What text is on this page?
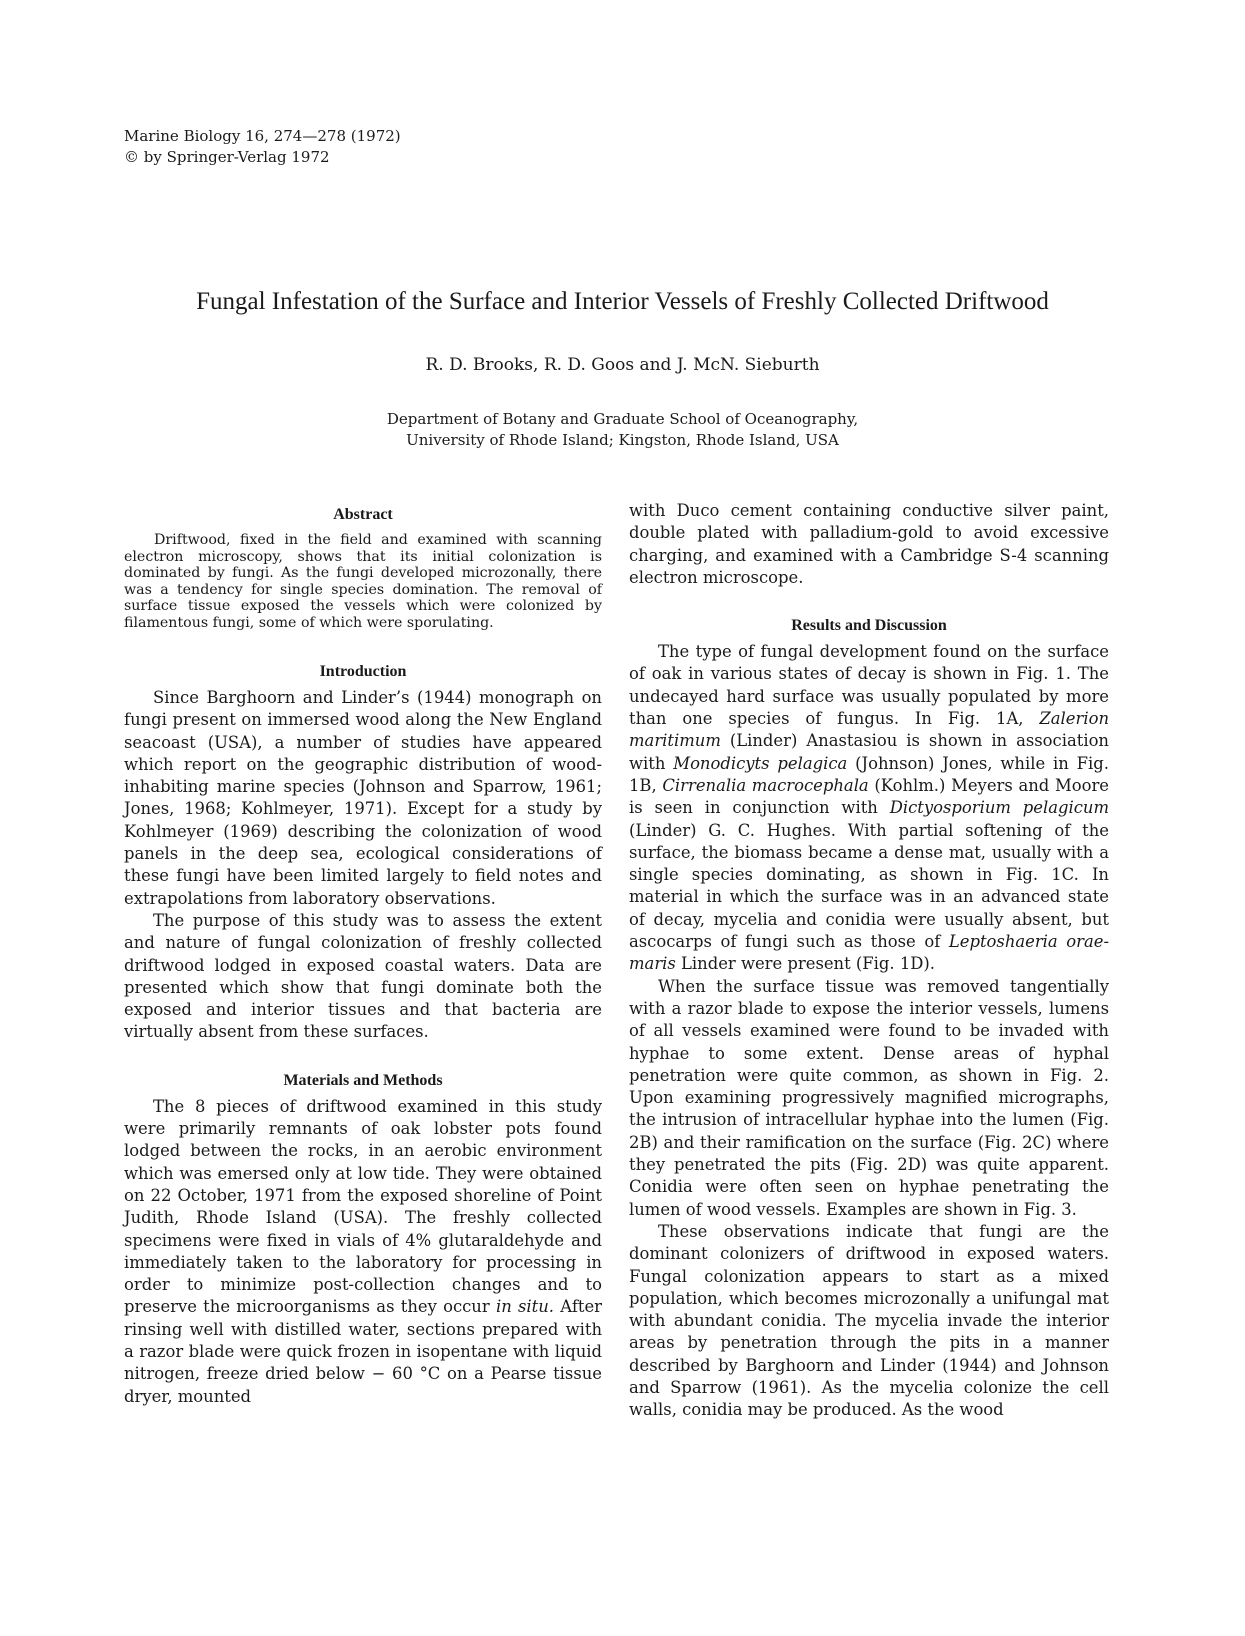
Marine Biology 16, 274—278 (1972)
© by Springer-Verlag 1972
Fungal Infestation of the Surface and Interior Vessels of Freshly Collected Driftwood
R. D. Brooks, R. D. Goos and J. McN. Sieburth
Department of Botany and Graduate School of Oceanography,
University of Rhode Island; Kingston, Rhode Island, USA
Abstract

Driftwood, fixed in the field and examined with scanning electron microscopy, shows that its initial colonization is dominated by fungi. As the fungi developed microzonally, there was a tendency for single species domination. The removal of surface tissue exposed the vessels which were colonized by filamentous fungi, some of which were sporulating.

Introduction

Since Barghoorn and Linder’s (1944) monograph on fungi present on immersed wood along the New England seacoast (USA), a number of studies have appeared which report on the geographic distribution of wood-inhabiting marine species (Johnson and Sparrow, 1961; Jones, 1968; Kohlmeyer, 1971). Except for a study by Kohlmeyer (1969) describing the colonization of wood panels in the deep sea, ecological considerations of these fungi have been limited largely to field notes and extrapolations from laboratory observations.

The purpose of this study was to assess the extent and nature of fungal colonization of freshly collected driftwood lodged in exposed coastal waters. Data are presented which show that fungi dominate both the exposed and interior tissues and that bacteria are virtually absent from these surfaces.

Materials and Methods

The 8 pieces of driftwood examined in this study were primarily remnants of oak lobster pots found lodged between the rocks, in an aerobic environment which was emersed only at low tide. They were obtained on 22 October, 1971 from the exposed shoreline of Point Judith, Rhode Island (USA). The freshly collected specimens were fixed in vials of 4% glutaraldehyde and immediately taken to the laboratory for processing in order to minimize post-collection changes and to preserve the microorganisms as they occur in situ. After rinsing well with distilled water, sections prepared with a razor blade were quick frozen in isopentane with liquid nitrogen, freeze dried below − 60 °C on a Pearse tissue dryer, mounted

with Duco cement containing conductive silver paint, double plated with palladium-gold to avoid excessive charging, and examined with a Cambridge S-4 scanning electron microscope.

Results and Discussion

The type of fungal development found on the surface of oak in various states of decay is shown in Fig. 1. The undecayed hard surface was usually populated by more than one species of fungus. In Fig. 1A, Zalerion maritimum (Linder) Anastasiou is shown in association with Monodicyts pelagica (Johnson) Jones, while in Fig. 1B, Cirrenalia macrocephala (Kohlm.) Meyers and Moore is seen in conjunction with Dictyosporium pelagicum (Linder) G. C. Hughes. With partial softening of the surface, the biomass became a dense mat, usually with a single species dominating, as shown in Fig. 1C. In material in which the surface was in an advanced state of decay, mycelia and conidia were usually absent, but ascocarps of fungi such as those of Leptoshaeria orae-maris Linder were present (Fig. 1D).

When the surface tissue was removed tangentially with a razor blade to expose the interior vessels, lumens of all vessels examined were found to be invaded with hyphae to some extent. Dense areas of hyphal penetration were quite common, as shown in Fig. 2. Upon examining progressively magnified micrographs, the intrusion of intracellular hyphae into the lumen (Fig. 2B) and their ramification on the surface (Fig. 2C) where they penetrated the pits (Fig. 2D) was quite apparent. Conidia were often seen on hyphae penetrating the lumen of wood vessels. Examples are shown in Fig. 3.

These observations indicate that fungi are the dominant colonizers of driftwood in exposed waters. Fungal colonization appears to start as a mixed population, which becomes microzonally a unifungal mat with abundant conidia. The mycelia invade the interior areas by penetration through the pits in a manner described by Barghoorn and Linder (1944) and Johnson and Sparrow (1961). As the mycelia colonize the cell walls, conidia may be produced. As the wood
